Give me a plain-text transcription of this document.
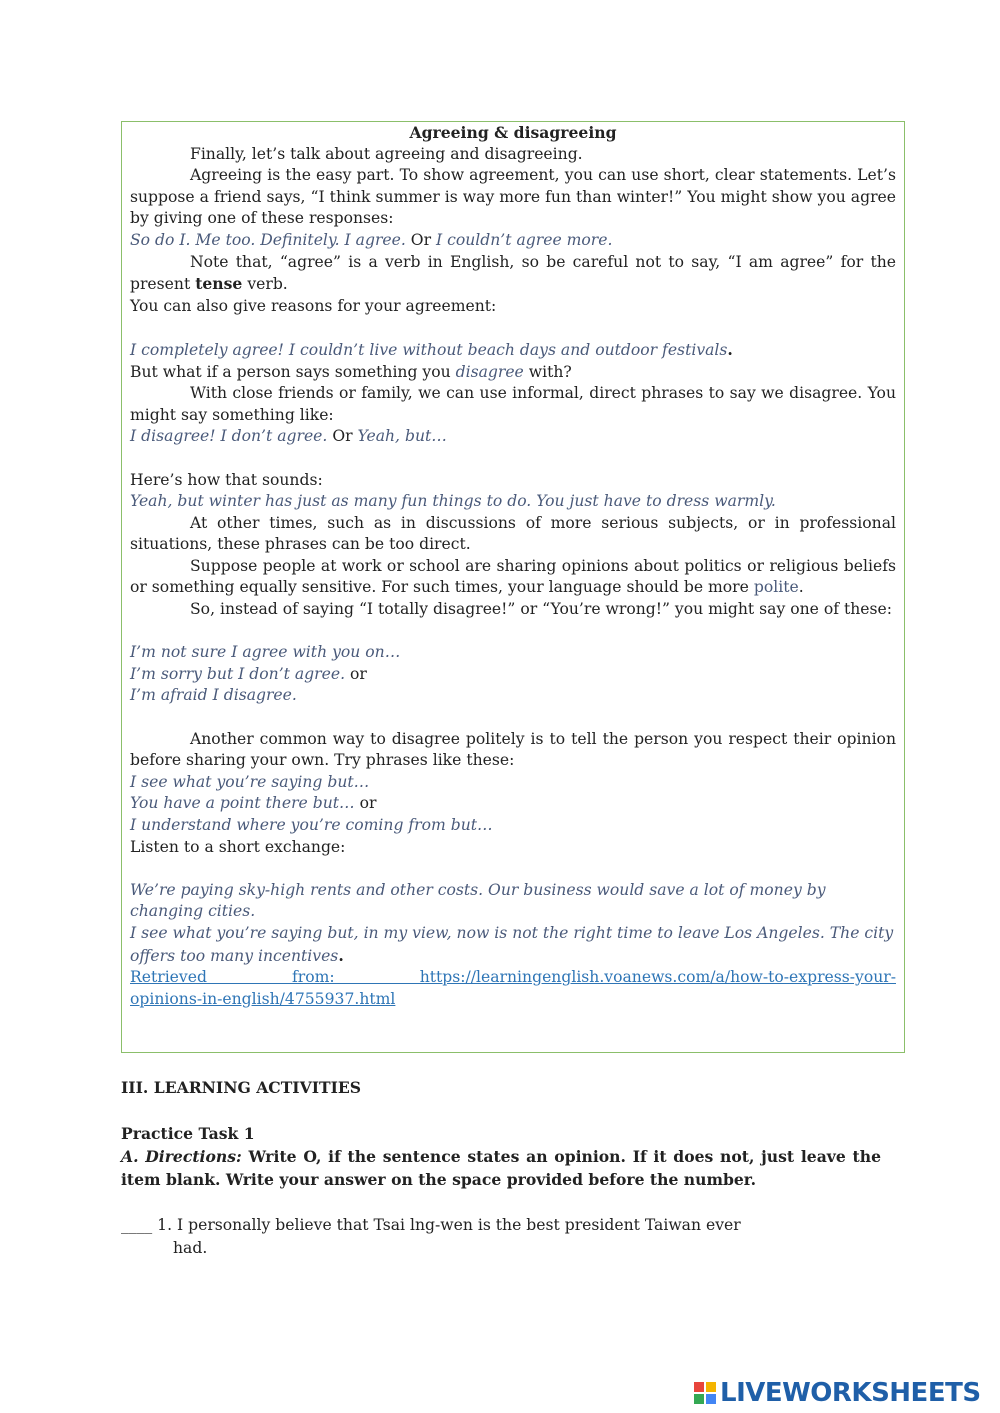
Agreeing & disagreeing

Finally, let’s talk about agreeing and disagreeing.

Agreeing is the easy part. To show agreement, you can use short, clear statements. Let’s suppose a friend says, “I think summer is way more fun than winter!” You might show you agree by giving one of these responses:

So do I. Me too. Definitely. I agree. Or I couldn’t agree more.

Note that, “agree” is a verb in English, so be careful not to say, “I am agree” for the present tense verb.

You can also give reasons for your agreement:

I completely agree! I couldn’t live without beach days and outdoor festivals.

But what if a person says something you disagree with?

With close friends or family, we can use informal, direct phrases to say we disagree. You might say something like:

I disagree! I don’t agree. Or Yeah, but…

Here’s how that sounds:

Yeah, but winter has just as many fun things to do. You just have to dress warmly.

At other times, such as in discussions of more serious subjects, or in professional situations, these phrases can be too direct.

Suppose people at work or school are sharing opinions about politics or religious beliefs or something equally sensitive. For such times, your language should be more polite.

So, instead of saying “I totally disagree!” or “You’re wrong!” you might say one of these:

I’m not sure I agree with you on…

I’m sorry but I don’t agree. or

I’m afraid I disagree.

Another common way to disagree politely is to tell the person you respect their opinion before sharing your own. Try phrases like these:

I see what you’re saying but…

You have a point there but… or

I understand where you’re coming from but…

Listen to a short exchange:

We’re paying sky-high rents and other costs. Our business would save a lot of money by changing cities.

I see what you’re saying but, in my view, now is not the right time to leave Los Angeles. The city offers too many incentives.

Retrieved from: https://learningenglish.voanews.com/a/how-to-express-your-

opinions-in-english/4755937.html

III. LEARNING ACTIVITIES
Practice Task 1
A. Directions: Write O, if the sentence states an opinion. If it does not, just leave the item blank. Write your answer on the space provided before the number.
____ 1. I personally believe that Tsai lng-wen is the best president Taiwan ever
had.
LIVEWORKSHEETS
